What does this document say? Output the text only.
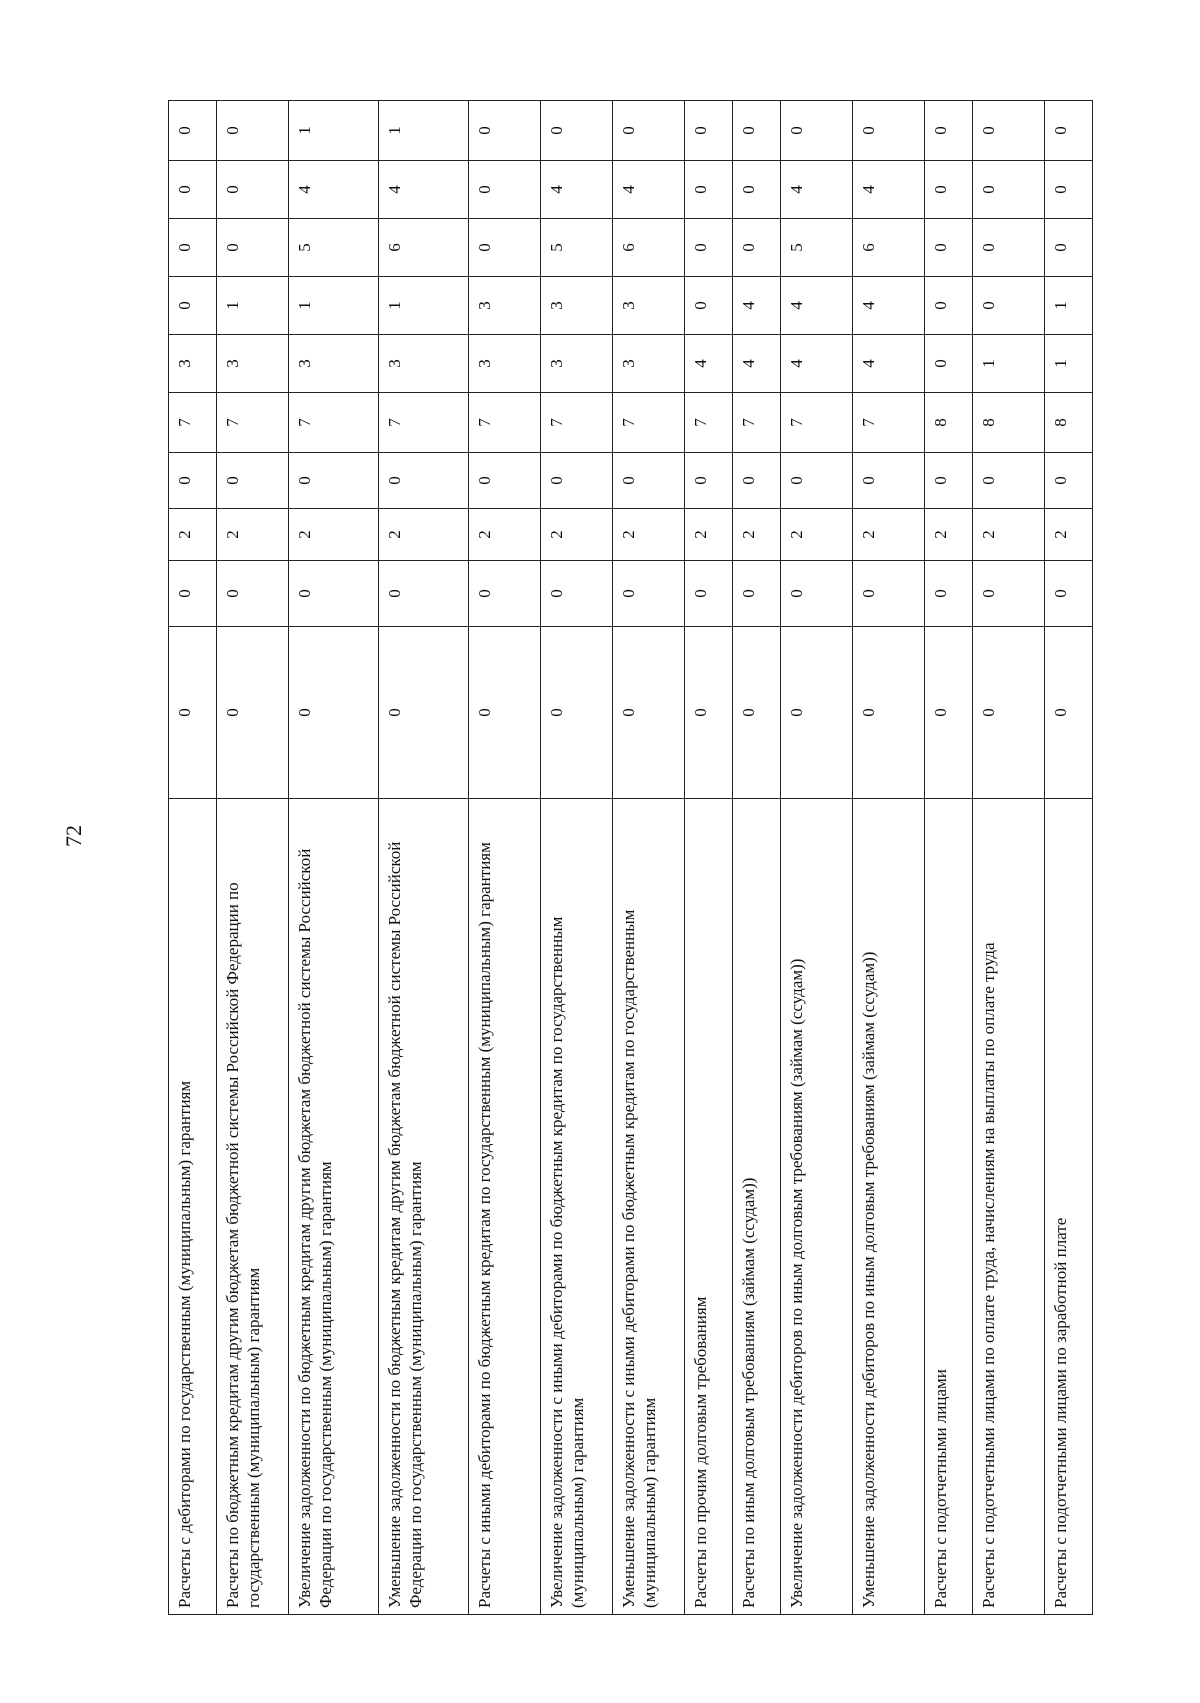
72
Расчеты с дебиторами по государственным (муниципальным) гарантиям	0	0	2	0	7	3	0	0	0	0
Расчеты по бюджетным кредитам другим бюджетам бюджетной системы Российской Федерации по государственным (муниципальным) гарантиям	0	0	2	0	7	3	1	0	0	0
Увеличение задолженности по бюджетным кредитам другим бюджетам бюджетной системы Российской Федерации по государственным (муниципальным) гарантиям	0	0	2	0	7	3	1	5	4	1
Уменьшение задолженности по бюджетным кредитам другим бюджетам бюджетной системы Российской Федерации по государственным (муниципальным) гарантиям	0	0	2	0	7	3	1	6	4	1
Расчеты с иными дебиторами по бюджетным кредитам по государственным (муниципальным) гарантиям	0	0	2	0	7	3	3	0	0	0
Увеличение задолженности с иными дебиторами по бюджетным кредитам по государственным (муниципальным) гарантиям	0	0	2	0	7	3	3	5	4	0
Уменьшение задолженности с иными дебиторами по бюджетным кредитам по государственным (муниципальным) гарантиям	0	0	2	0	7	3	3	6	4	0
Расчеты по прочим долговым требованиям	0	0	2	0	7	4	0	0	0	0
Расчеты по иным долговым требованиям (займам (ссудам))	0	0	2	0	7	4	4	0	0	0
Увеличение задолженности дебиторов по иным долговым требованиям (займам (ссудам))	0	0	2	0	7	4	4	5	4	0
Уменьшение задолженности дебиторов по иным долговым требованиям (займам (ссудам))	0	0	2	0	7	4	4	6	4	0
Расчеты с подотчетными лицами	0	0	2	0	8	0	0	0	0	0
Расчеты с подотчетными лицами по оплате труда, начислениям на выплаты по оплате труда	0	0	2	0	8	1	0	0	0	0
Расчеты с подотчетными лицами по заработной плате	0	0	2	0	8	1	1	0	0	0
